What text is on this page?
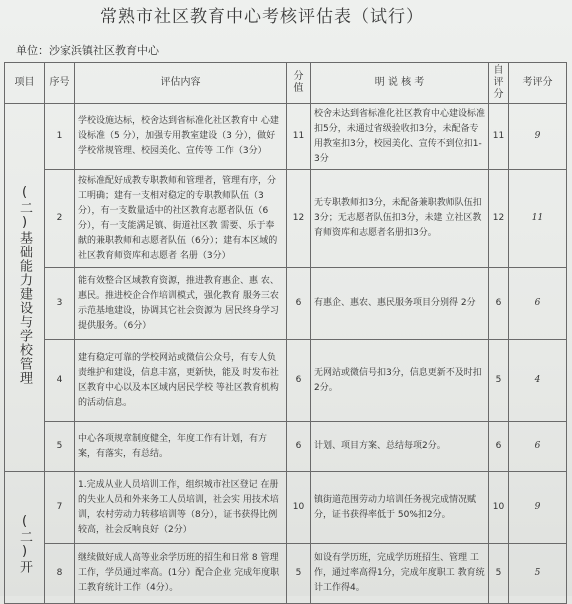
常熟市社区教育中心考核评估表（试行）
单位：沙家浜镇社区教育中心
项目	序号	评估内容	分值	明 说 核 考	自评分	考评分
(二)基础能力建设与学校管理	1	学校设施达标，校舍达到省标准化社区教育中 心建设标准（5 分），加强专用教室建设（3 分），做好学校常规管理、校园美化、宣传等 工作（3分）	11	校舍未达到省标准化社区教育中心建设标准扣5分，未通过省级验收扣3分，未配备专用教室扣3分，校园美化、宣传不到位扣1-3分	11	9
	2	按标准配好成教专职教师和管理者，管理有序，分工明确；建有一支相对稳定的专职教师队伍（3分），有一支数量适中的社区教育志愿者队伍（6分），有一支能满足镇、街道社区教 需要、乐于奉献的兼职教师和志愿者队伍（6分）；建有本区域的社区教育师资库和志愿者 名册（3分）	12	无专职教师扣3分，未配备兼职教师队伍扣3分；无志愿者队伍扣3分，未建 立社区教育师资库和志愿者名册扣3分。	12	11
	3	能有效整合区域教育资源，推进教育惠企、惠 农、惠民。推进校企合作培训模式，强化教育 服务三农示范基地建设，协调其它社会资源为 居民终身学习提供服务。（6分）	6	有惠企、惠农、惠民服务项目分别得 2分	6	6
	4	建有稳定可靠的学校网站或微信公众号，有专人负责维护和建设，信息丰富，更新快，能及 时发布社区教育中心以及本区域内居民学校 等社区教育机构的活动信息。	6	无网站或微信号扣3分，信息更新不及时扣2分。	5	4
	5	中心各项规章制度健全，年度工作有计划，有方案，有落实，有总结。	6	计划、项目方案、总结每项2分。	6	6
(二)开	7	1.完成从业人员培训工作，组织城市社区登记 在册的失业人员和外来务工人员培训，社会实 用技术培训，农村劳动力转移培训等（8分），证书获得比例较高，社会反响良好（2分）	10	镇街道范围劳动力培训任务视完成情况赋分，证书获得率低于 50%扣2分。	10	9
	8	继续做好成人高等业余学历班的招生和日常 8 管理工作，学员通过率高。(1分）配合企业 完成年度职工教育统计工作（4分）。	5	如设有学历班，完成学历班招生、管理 工作，通过率高得1分，完成年度职工 教育统计工作得4。	5	5
